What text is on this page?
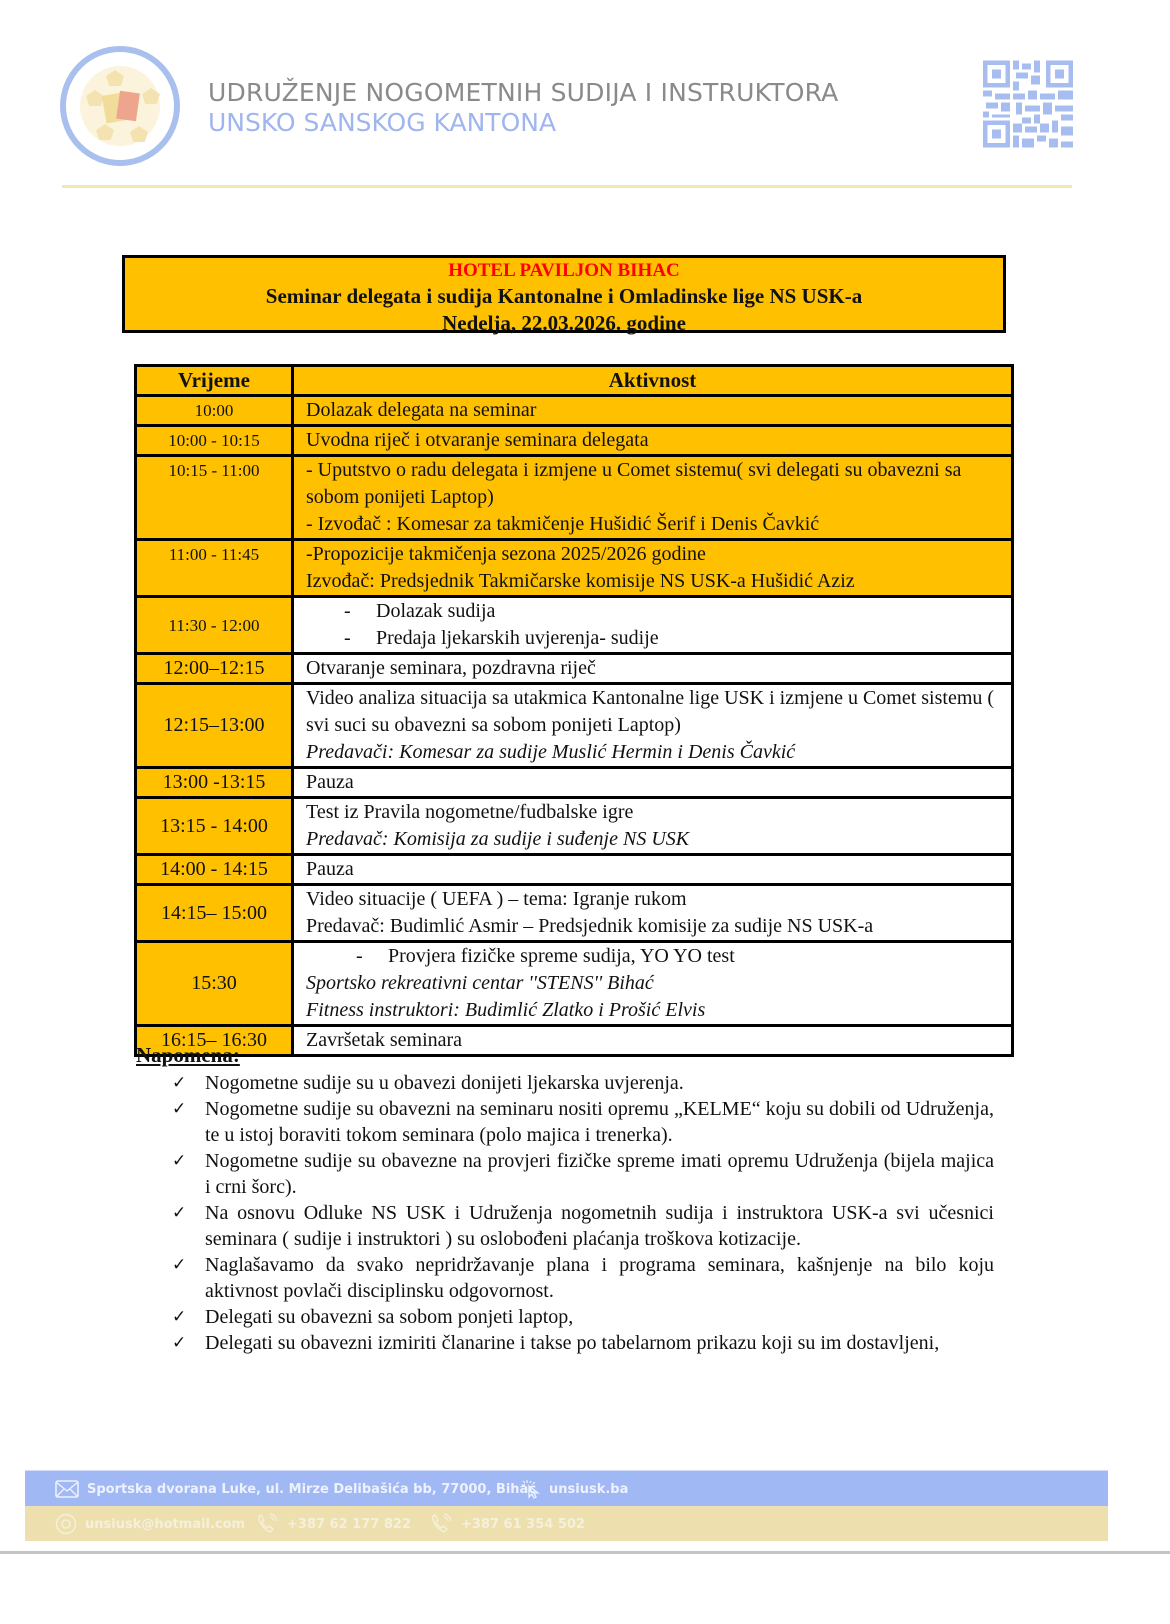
UDRUŽENJE NOGOMETNIH SUDIJA I INSTRUKTORA
UNSKO SANSKOG KANTONA
HOTEL PAVILJON BIHAC
Seminar delegata i sudija Kantonalne i Omladinske lige NS USK-a
Nedelja, 22.03.2026. godine
Vrijeme	Aktivnost
10:00	Dolazak delegata na seminar
10:00 - 10:15	Uvodna riječ i otvaranje seminara delegata
10:15 - 11:00	- Uputstvo o radu delegata i izmjene u Comet sistemu( svi delegati su obavezni sa sobom ponijeti Laptop)
- Izvođač : Komesar za takmičenje Hušidić Šerif i Denis Čavkić

11:00 - 11:45	-Propozicije takmičenja sezona 2025/2026 godine
Izvođač: Predsjednik Takmičarske komisije NS USK-a Hušidić Aziz

11:30 - 12:00	- Dolazak sudija
- Predaja ljekarskih uvjerenja- sudije

12:00–12:15	Otvaranje seminara, pozdravna riječ
12:15–13:00	Video analiza situacija sa utakmica Kantonalne lige USK i izmjene u Comet sistemu ( svi suci su obavezni sa sobom ponijeti Laptop)
Predavači: Komesar za sudije Muslić Hermin i Denis Čavkić

13:00 -13:15	Pauza
13:15 - 14:00	Test iz Pravila nogometne/fudbalske igre
Predavač: Komisija za sudije i suđenje NS USK

14:00 - 14:15	Pauza
14:15– 15:00	Video situacije ( UEFA ) – tema: Igranje rukom
Predavač: Budimlić Asmir – Predsjednik komisije za sudije NS USK-a

15:30	- Provjera fizičke spreme sudija, YO YO test
Sportsko rekreativni centar ''STENS'' Bihać
Fitness instruktori: Budimlić Zlatko i Prošić Elvis

16:15– 16:30	Završetak seminara
Napomena:
✓ Nogometne sudije su u obavezi donijeti ljekarska uvjerenja.
✓ Nogometne sudije su obavezni na seminaru nositi opremu „KELME“ koju su dobili od Udruženja, te u istoj boraviti tokom seminara (polo majica i trenerka).
✓ Nogometne sudije su obavezne na provjeri fizičke spreme imati opremu Udruženja (bijela majica i crni šorc).
✓ Na osnovu Odluke NS USK i Udruženja nogometnih sudija i instruktora USK-a svi učesnici seminara ( sudije i instruktori ) su oslobođeni plaćanja troškova kotizacije.
✓ Naglašavamo da svako nepridržavanje plana i programa seminara, kašnjenje na bilo koju aktivnost povlači disciplinsku odgovornost.
✓ Delegati su obavezni sa sobom ponjeti laptop,
✓ Delegati su obavezni izmiriti članarine i takse po tabelarnom prikazu koji su im dostavljeni,
Sportska dvorana Luke, ul. Mirze Delibašića bb, 77000, Bihać unsiusk.ba
unsiusk@hotmail.com	+387 62 177 822	+387 61 354 502
